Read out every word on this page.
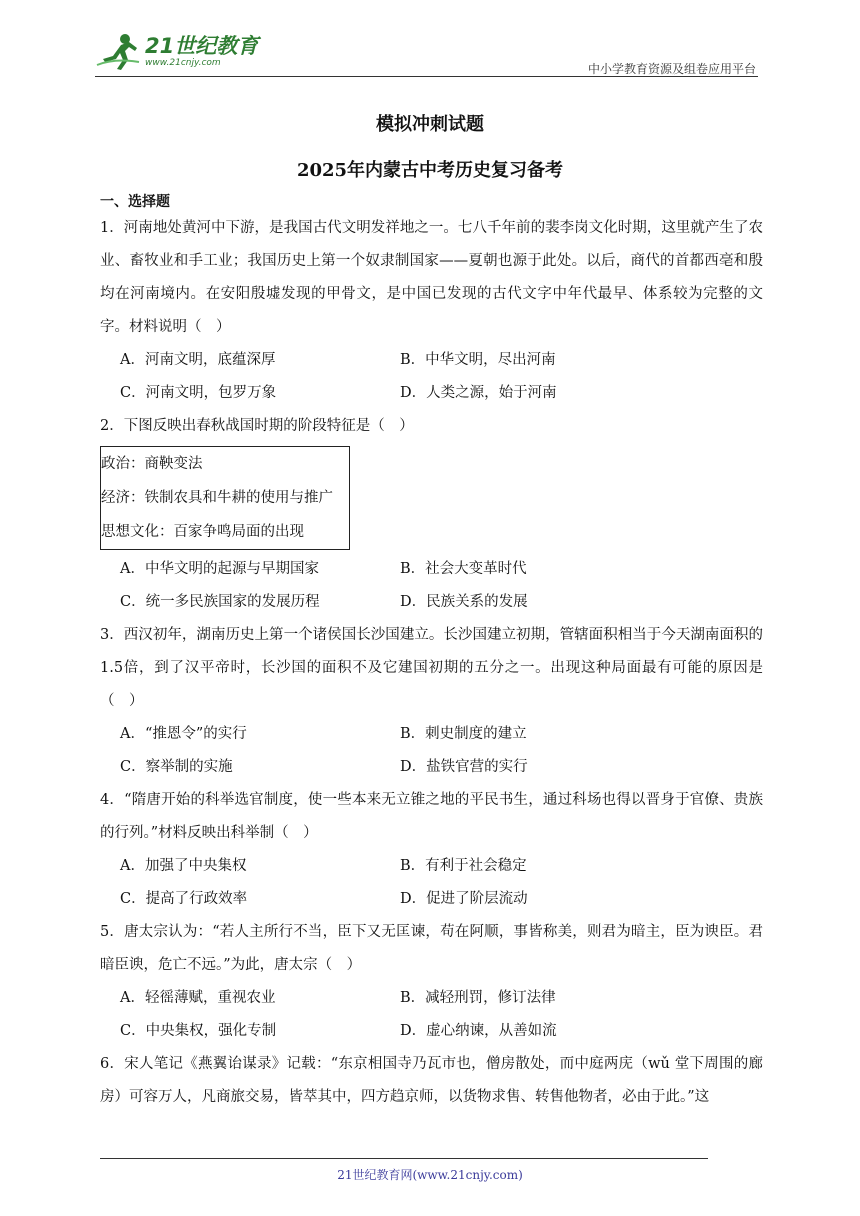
21世纪教育
www.21cnjy.com	中小学教育资源及组卷应用平台
模拟冲刺试题
2025年内蒙古中考历史复习备考
一、选择题

1．河南地处黄河中下游，是我国古代文明发祥地之一。七八千年前的裴李岗文化时期，这里就产生了农业、畜牧业和手工业；我国历史上第一个奴隶制国家——夏朝也源于此处。以后，商代的首都西亳和殷均在河南境内。在安阳殷墟发现的甲骨文，是中国已发现的古代文字中年代最早、体系较为完整的文字。材料说明（　）

A．河南文明，底蕴深厚	B．中华文明，尽出河南
C．河南文明，包罗万象	D．人类之源，始于河南

2．下图反映出春秋战国时期的阶段特征是（　）

政治：商鞅变法
经济：铁制农具和牛耕的使用与推广
思想文化：百家争鸣局面的出现
A．中华文明的起源与早期国家	B．社会大变革时代
C．统一多民族国家的发展历程	D．民族关系的发展

3．西汉初年，湖南历史上第一个诸侯国长沙国建立。长沙国建立初期，管辖面积相当于今天湖南面积的1.5倍，到了汉平帝时，长沙国的面积不及它建国初期的五分之一。出现这种局面最有可能的原因是（　）

A．“推恩令”的实行	B．刺史制度的建立
C．察举制的实施	D．盐铁官营的实行

4．“隋唐开始的科举选官制度，使一些本来无立锥之地的平民书生，通过科场也得以晋身于官僚、贵族的行列。”材料反映出科举制（　）

A．加强了中央集权	B．有利于社会稳定
C．提高了行政效率	D．促进了阶层流动

5．唐太宗认为：“若人主所行不当，臣下又无匡谏，苟在阿顺，事皆称美，则君为暗主，臣为谀臣。君暗臣谀，危亡不远。”为此，唐太宗（　）

A．轻徭薄赋，重视农业	B．减轻刑罚，修订法律
C．中央集权，强化专制	D．虚心纳谏，从善如流

6．宋人笔记《燕翼诒谋录》记载：“东京相国寺乃瓦市也，僧房散处，而中庭两庑（wǔ 堂下周围的廊房）可容万人，凡商旅交易，皆萃其中，四方趋京师，以货物求售、转售他物者，必由于此。”这

21世纪教育网(www.21cnjy.com)
